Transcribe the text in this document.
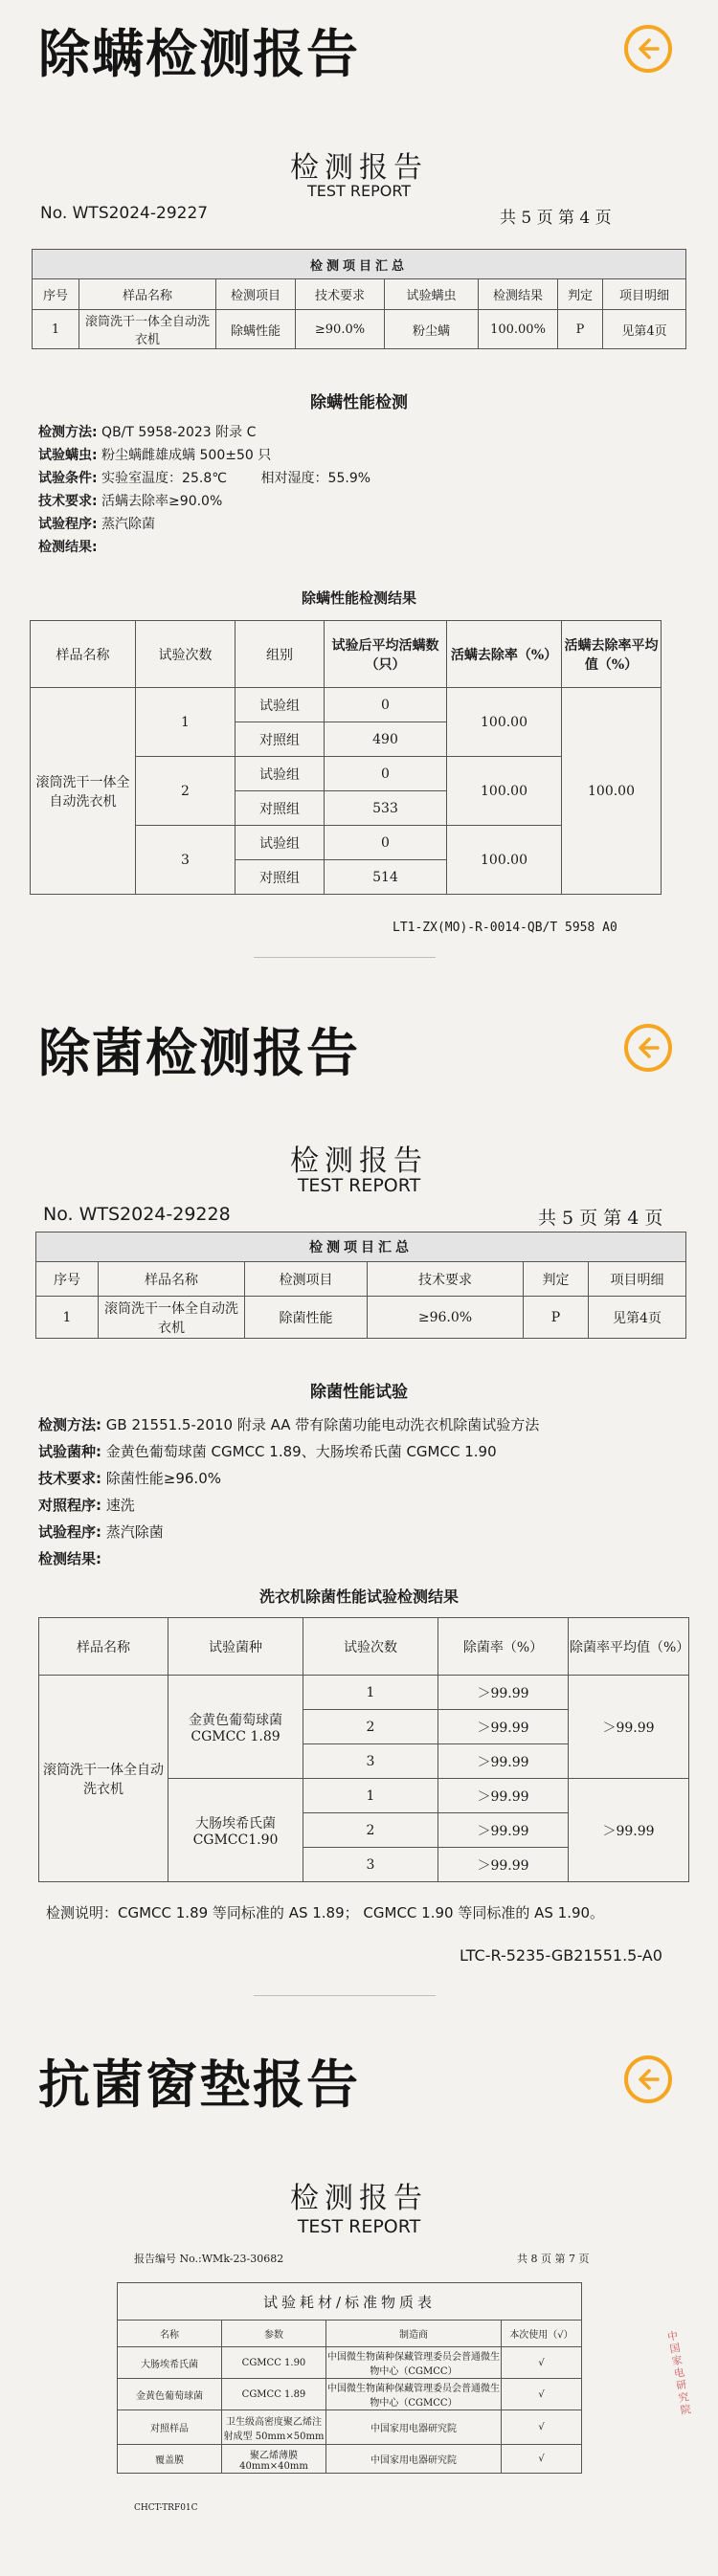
除螨检测报告
检测报告
TEST REPORT
No. WTS2024-29227	共 5 页 第 4 页
检测项目汇总							
序号	样品名称	检测项目	技术要求	试验螨虫	检测结果	判定	项目明细
1	滚筒洗干一体全自动洗衣机	除螨性能	≥90.0%	粉尘螨	100.00%	P	见第4页
除螨性能检测
检测方法: QB/T 5958-2023 附录 C
试验螨虫: 粉尘螨雌雄成螨 500±50 只
试验条件: 实验室温度：25.8℃        相对湿度：55.9%
技术要求: 活螨去除率≥90.0%
试验程序: 蒸汽除菌
检测结果:
除螨性能检测结果
样品名称	试验次数	组别	试验后平均活螨数（只）	活螨去除率（%）	活螨去除率平均值（%）
滚筒洗干一体全自动洗衣机	1	试验组	0	100.00	100.00
		对照组	490		
	2	试验组	0	100.00	
		对照组	533		
	3	试验组	0	100.00	
		对照组	514		
LT1-ZX(MO)-R-0014-QB/T 5958 A0
除菌检测报告
检测报告
TEST REPORT
No. WTS2024-29228	共 5 页 第 4 页
检测项目汇总					
序号	样品名称	检测项目	技术要求	判定	项目明细
1	滚筒洗干一体全自动洗衣机	除菌性能	≥96.0%	P	见第4页
除菌性能试验
检测方法: GB 21551.5-2010 附录 AA 带有除菌功能电动洗衣机除菌试验方法
试验菌种: 金黄色葡萄球菌 CGMCC 1.89、大肠埃希氏菌 CGMCC 1.90
技术要求: 除菌性能≥96.0%
对照程序: 速洗
试验程序: 蒸汽除菌
检测结果:
洗衣机除菌性能试验检测结果
样品名称	试验菌种	试验次数	除菌率（%）	除菌率平均值（%）
滚筒洗干一体全自动洗衣机	金黄色葡萄球菌 CGMCC 1.89	1	＞99.99	＞99.99
		2	＞99.99	
		3	＞99.99	
	大肠埃希氏菌 CGMCC1.90	1	＞99.99	＞99.99
		2	＞99.99	
		3	＞99.99	
检测说明：CGMCC 1.89 等同标准的 AS 1.89； CGMCC 1.90 等同标准的 AS 1.90。
LTC-R-5235-GB21551.5-A0
抗菌窗垫报告
检测报告
TEST REPORT
报告编号 No.:WMk-23-30682	共 8 页 第 7 页
试验耗材/标准物质表			
名称	参数	制造商	本次使用（√）
大肠埃希氏菌	CGMCC 1.90	中国微生物菌种保藏管理委员会普通微生物中心（CGMCC）	√
金黄色葡萄球菌	CGMCC 1.89	中国微生物菌种保藏管理委员会普通微生物中心（CGMCC）	√
对照样品	卫生级高密度聚乙烯注射成型 50mm×50mm	中国家用电器研究院	√
覆盖膜	聚乙烯薄膜 40mm×40mm	中国家用电器研究院	√
CHCT-TRF01C
中国家电研究院
